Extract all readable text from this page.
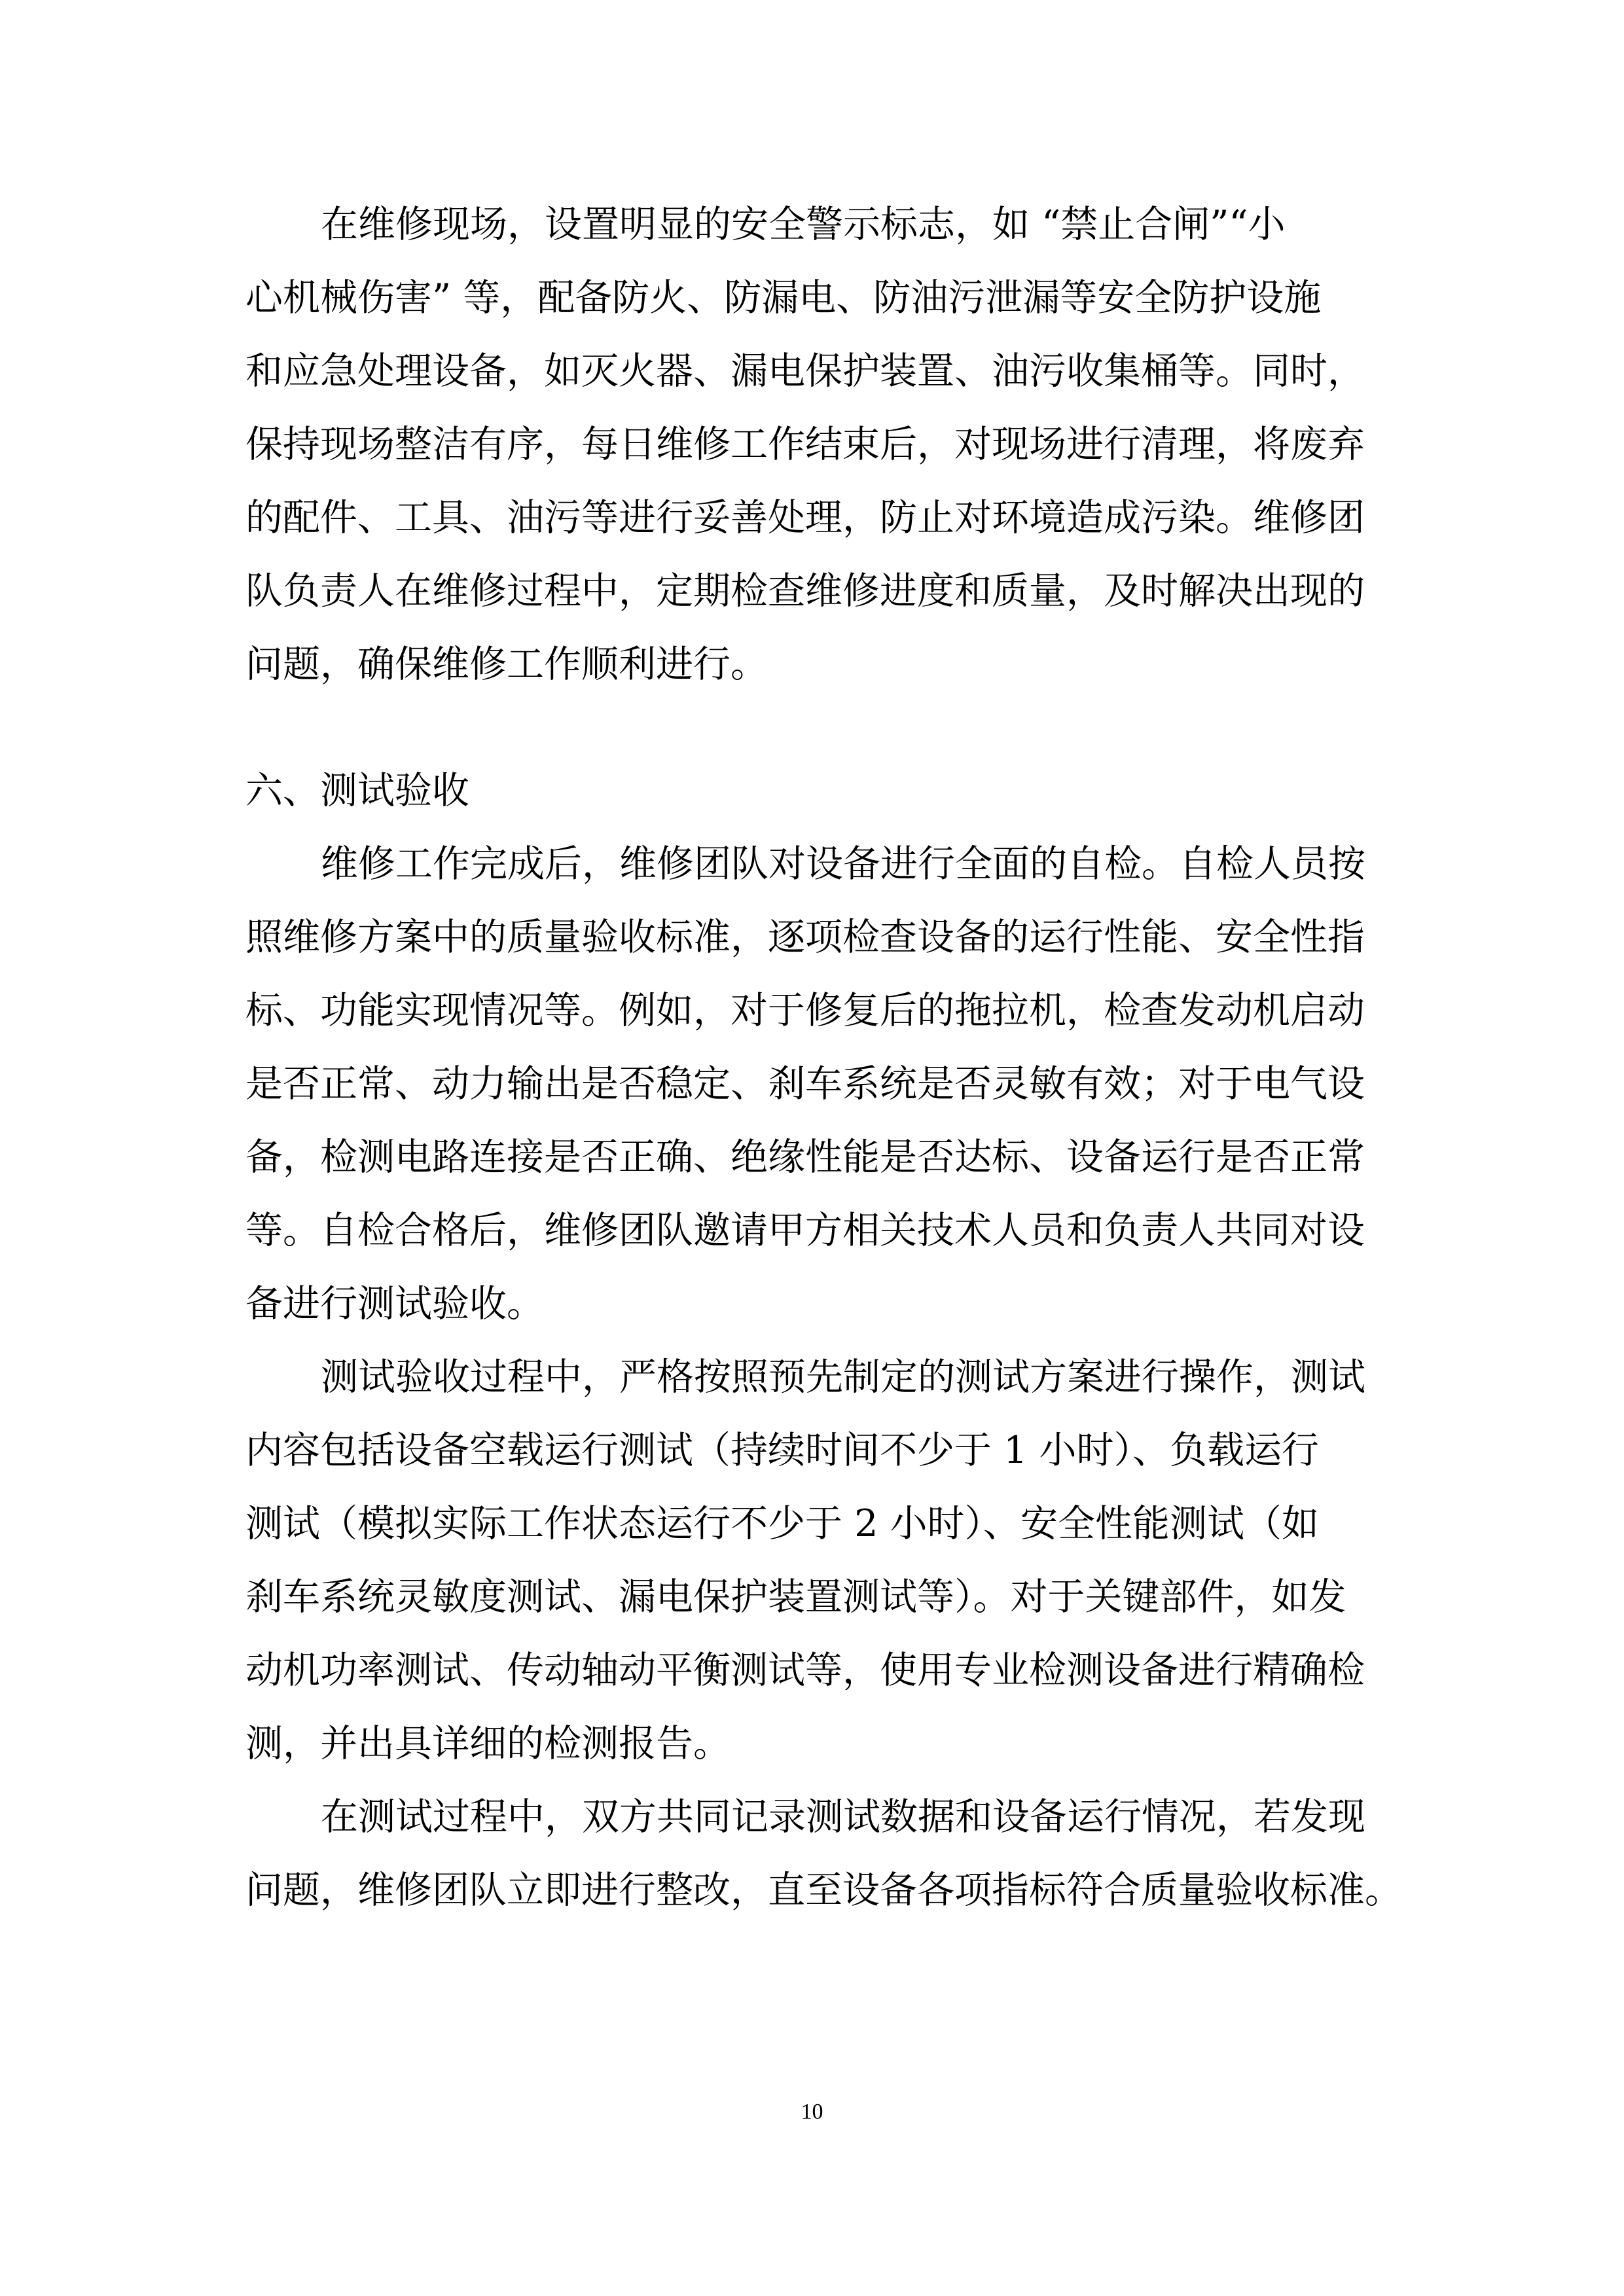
在维修现场，设置明显的安全警示标志，如 “禁止合闸”“小
心机械伤害” 等，配备防火、防漏电、防油污泄漏等安全防护设施
和应急处理设备，如灭火器、漏电保护装置、油污收集桶等。同时，
保持现场整洁有序，每日维修工作结束后，对现场进行清理，将废弃
的配件、工具、油污等进行妥善处理，防止对环境造成污染。维修团
队负责人在维修过程中，定期检查维修进度和质量，及时解决出现的
问题，确保维修工作顺利进行。
六、测试验收
维修工作完成后，维修团队对设备进行全面的自检。自检人员按
照维修方案中的质量验收标准，逐项检查设备的运行性能、安全性指
标、功能实现情况等。例如，对于修复后的拖拉机，检查发动机启动
是否正常、动力输出是否稳定、刹车系统是否灵敏有效；对于电气设
备，检测电路连接是否正确、绝缘性能是否达标、设备运行是否正常
等。自检合格后，维修团队邀请甲方相关技术人员和负责人共同对设
备进行测试验收。
测试验收过程中，严格按照预先制定的测试方案进行操作，测试
内容包括设备空载运行测试（持续时间不少于 1 小时）、负载运行
测试（模拟实际工作状态运行不少于 2 小时）、安全性能测试（如
刹车系统灵敏度测试、漏电保护装置测试等）。对于关键部件，如发
动机功率测试、传动轴动平衡测试等，使用专业检测设备进行精确检
测，并出具详细的检测报告。
在测试过程中，双方共同记录测试数据和设备运行情况，若发现
问题，维修团队立即进行整改，直至设备各项指标符合质量验收标准。
10
